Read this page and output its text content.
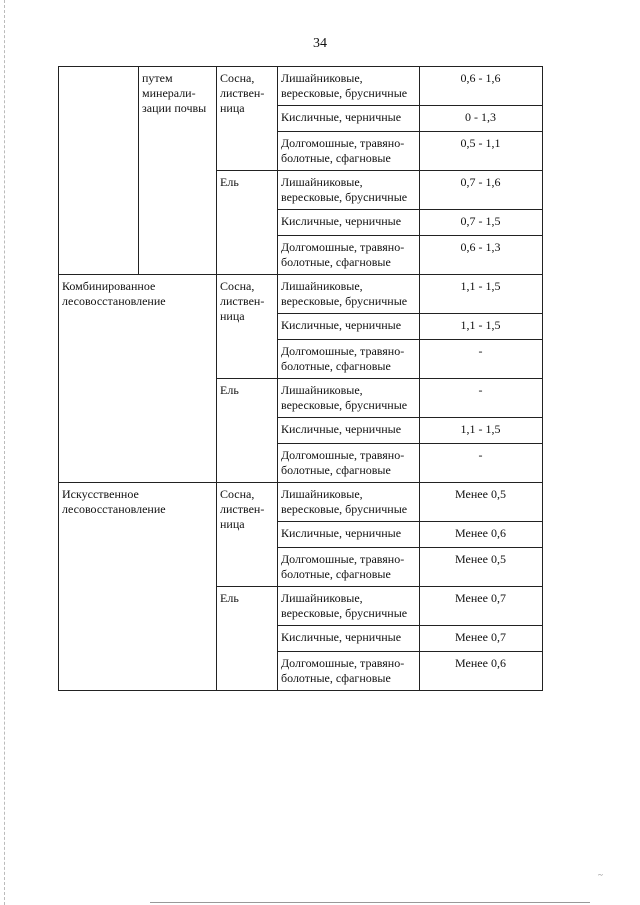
34
	путем минерали-зации почвы	Сосна, листвен-ница	Лишайниковые, вересковые, брусничные	0,6 - 1,6
			Кисличные, черничные	0 - 1,3
			Долгомошные, травяно-болотные, сфагновые	0,5 - 1,1
		Ель	Лишайниковые, вересковые, брусничные	0,7 - 1,6
			Кисличные, черничные	0,7 - 1,5
			Долгомошные, травяно-болотные, сфагновые	0,6 - 1,3
Комбинированное лесовосстановление		Сосна, листвен-ница	Лишайниковые, вересковые, брусничные	1,1 - 1,5
			Кисличные, черничные	1,1 - 1,5
			Долгомошные, травяно-болотные, сфагновые	-
		Ель	Лишайниковые, вересковые, брусничные	-
			Кисличные, черничные	1,1 - 1,5
			Долгомошные, травяно-болотные, сфагновые	-
Искусственное лесовосстановление		Сосна, листвен-ница	Лишайниковые, вересковые, брусничные	Менее 0,5
			Кисличные, черничные	Менее 0,6
			Долгомошные, травяно-болотные, сфагновые	Менее 0,5
		Ель	Лишайниковые, вересковые, брусничные	Менее 0,7
			Кисличные, черничные	Менее 0,7
			Долгомошные, травяно-болотные, сфагновые	Менее 0,6
~
